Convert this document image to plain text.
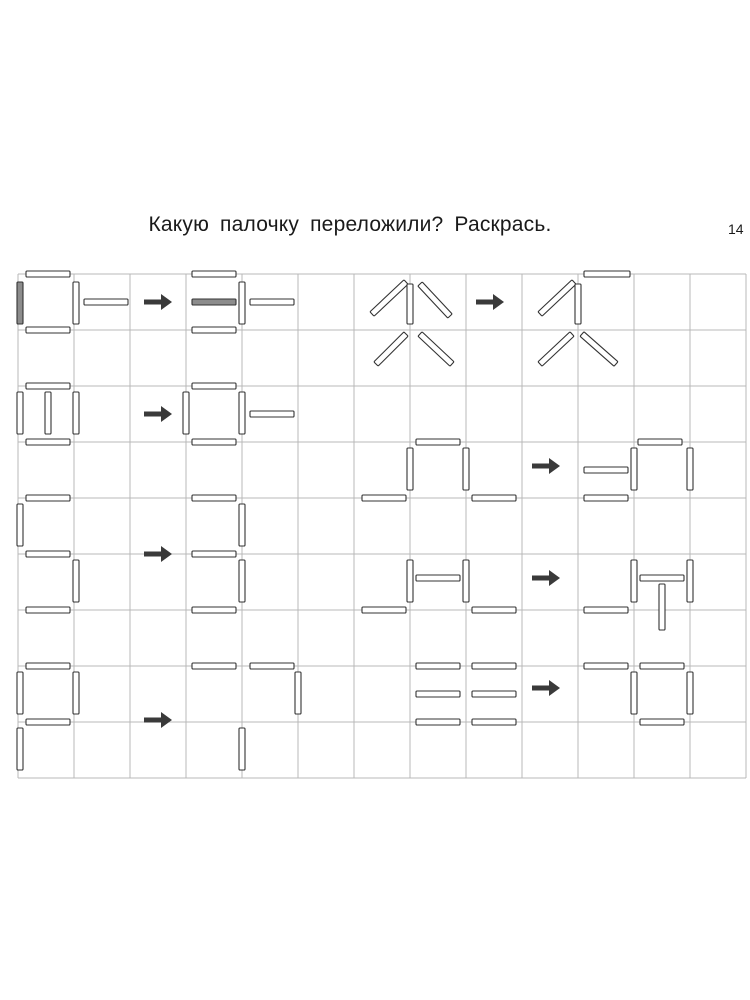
Какую палочку переложили? Раскрась.	14
